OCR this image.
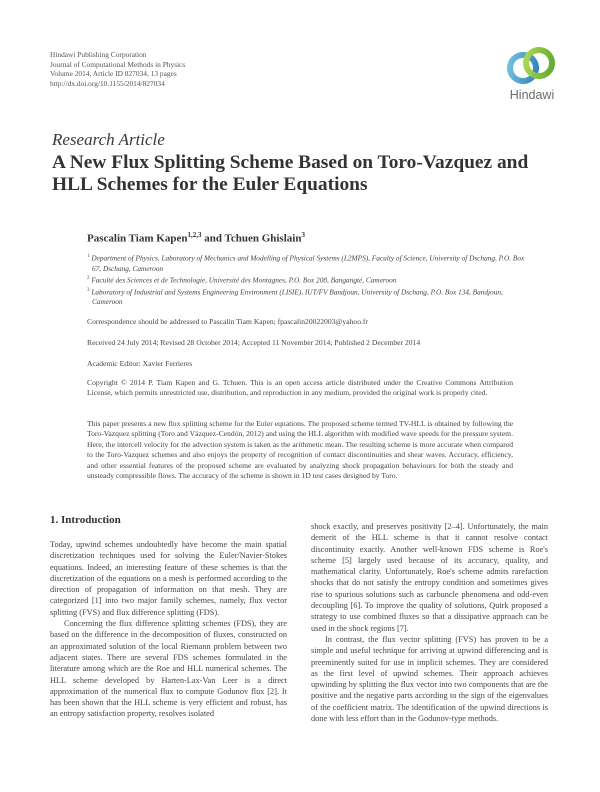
Hindawi Publishing Corporation
Journal of Computational Methods in Physics
Volume 2014, Article ID 827034, 13 pages
http://dx.doi.org/10.1155/2014/827034
Hindawi
Research Article
A New Flux Splitting Scheme Based on Toro-Vazquez and HLL Schemes for the Euler Equations
Pascalin Tiam Kapen$^{1,2,3}$ and Tchuen Ghislain$^3$
$^1$ Department of Physics, Laboratory of Mechanics and Modelling of Physical Systems (L2MPS), Faculty of Science, University of Dschang, P.O. Box 67, Dschang, Cameroon
$^2$ Faculté des Sciences et de Technologie, Université des Montagnes, P.O. Box 208, Bangangté, Cameroon
$^3$ Laboratory of Industrial and Systems Engineering Environment (LISIE), IUT/FV Bandjoun, University of Dschang, P.O. Box 134, Bandjoun, Cameroon
Correspondence should be addressed to Pascalin Tiam Kapen; fpascalin20022003@yahoo.fr
Received 24 July 2014; Revised 28 October 2014; Accepted 11 November 2014; Published 2 December 2014
Academic Editor: Xavier Ferrieres
Copyright © 2014 P. Tiam Kapen and G. Tchuen. This is an open access article distributed under the Creative Commons Attribution License, which permits unrestricted use, distribution, and reproduction in any medium, provided the original work is properly cited.
This paper presents a new flux splitting scheme for the Euler equations. The proposed scheme termed TV-HLL is obtained by following the Toro-Vazquez splitting (Toro and Vázquez-Cendón, 2012) and using the HLL algorithm with modified wave speeds for the pressure system. Here, the intercell velocity for the advection system is taken as the arithmetic mean. The resulting scheme is more accurate when compared to the Toro-Vazquez schemes and also enjoys the property of recognition of contact discontinuities and shear waves. Accuracy, efficiency, and other essential features of the proposed scheme are evaluated by analyzing shock propagation behaviours for both the steady and unsteady compressible flows. The accuracy of the scheme is shown in 1D test cases designed by Toro.
1. Introduction

Today, upwind schemes undoubtedly have become the main spatial discretization techniques used for solving the Euler/Navier-Stokes equations. Indeed, an interesting feature of these schemes is that the discretization of the equations on a mesh is performed according to the direction of propagation of information on that mesh. They are categorized [1] into two major family schemes, namely, flux vector splitting (FVS) and flux difference splitting (FDS).

Concerning the flux difference splitting schemes (FDS), they are based on the difference in the decomposition of fluxes, constructed on an approximated solution of the local Riemann problem between two adjacent states. There are several FDS schemes formulated in the literature among which are the Roe and HLL numerical schemes. The HLL scheme developed by Harten-Lax-Van Leer is a direct approximation of the numerical flux to compute Godunov flux [2]. It has been shown that the HLL scheme is very efficient and robust, has an entropy satisfaction property, resolves isolated

shock exactly, and preserves positivity [2–4]. Unfortunately, the main demerit of the HLL scheme is that it cannot resolve contact discontinuity exactly. Another well-known FDS scheme is Roe's scheme [5] largely used because of its accuracy, quality, and mathematical clarity. Unfortunately, Roe's scheme admits rarefaction shocks that do not satisfy the entropy condition and sometimes gives rise to spurious solutions such as carbuncle phenomena and odd-even decoupling [6]. To improve the quality of solutions, Quirk proposed a strategy to use combined fluxes so that a dissipative approach can be used in the shock regions [7].

In contrast, the flux vector splitting (FVS) has proven to be a simple and useful technique for arriving at upwind differencing and is preeminently suited for use in implicit schemes. They are considered as the first level of upwind schemes. Their approach achieves upwinding by splitting the flux vector into two components that are the positive and the negative parts according to the sign of the eigenvalues of the coefficient matrix. The identification of the upwind directions is done with less effort than in the Godunov-type methods.
